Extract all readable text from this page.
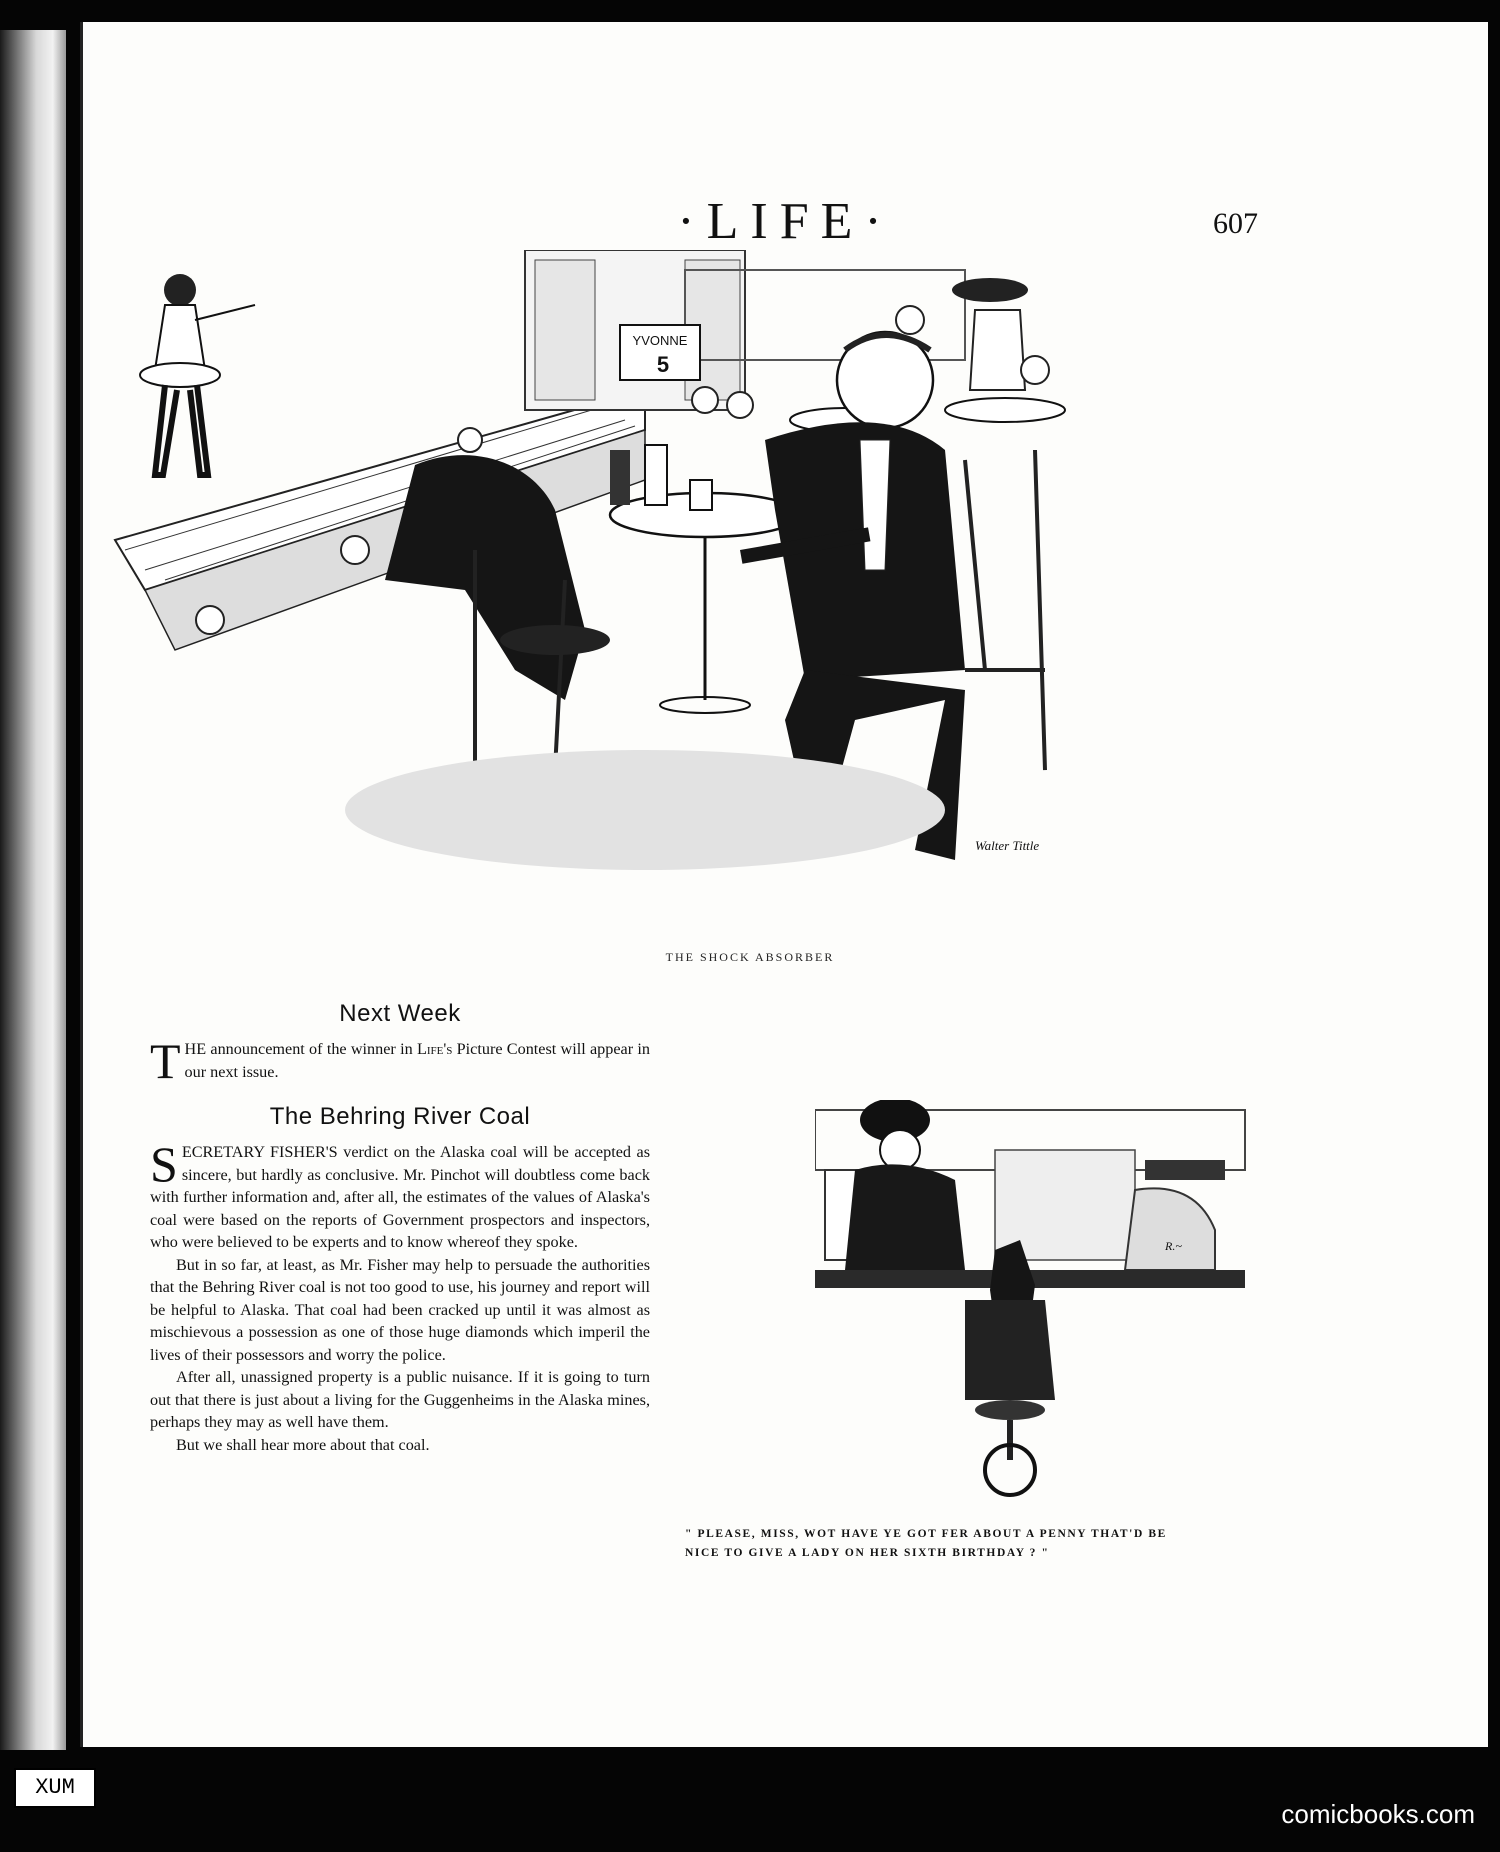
·LIFE·	607
YVONNE
5
Walter Tittle
THE SHOCK ABSORBER
Next Week

THE announcement of the winner in Life's Picture Contest will appear in our next issue.

The Behring River Coal

SECRETARY FISHER'S verdict on the Alaska coal will be accepted as sincere, but hardly as conclusive. Mr. Pinchot will doubtless come back with further information and, after all, the estimates of the values of Alaska's coal were based on the reports of Government prospectors and inspectors, who were believed to be experts and to know whereof they spoke.

But in so far, at least, as Mr. Fisher may help to persuade the authorities that the Behring River coal is not too good to use, his journey and report will be helpful to Alaska. That coal had been cracked up until it was almost as mischievous a possession as one of those huge diamonds which imperil the lives of their possessors and worry the police.

After all, unassigned property is a public nuisance. If it is going to turn out that there is just about a living for the Guggenheims in the Alaska mines, perhaps they may as well have them.

But we shall hear more about that coal.

R.~
" PLEASE, MISS, WOT HAVE YE GOT FER ABOUT A PENNY THAT'D BE NICE TO GIVE A LADY ON HER SIXTH BIRTHDAY ? "
XUM
comicbooks.com
